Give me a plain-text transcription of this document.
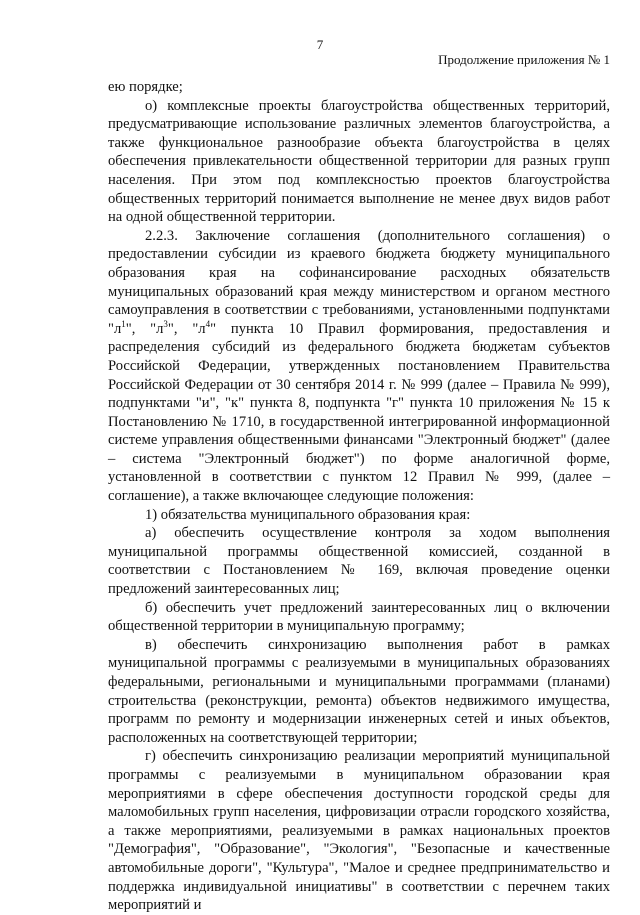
7
Продолжение приложения № 1

ею порядке;

о) комплексные проекты благоустройства общественных территорий, предусматривающие использование различных элементов благоустройства, а также функциональное разнообразие объекта благоустройства в целях обеспечения привлекательности общественной территории для разных групп населения. При этом под комплексностью проектов благоустройства общественных территорий понимается выполнение не менее двух видов работ на одной общественной территории.

2.2.3. Заключение соглашения (дополнительного соглашения) о предоставлении субсидии из краевого бюджета бюджету муниципального образования края на софинансирование расходных обязательств муниципальных образований края между министерством и органом местного самоуправления в соответствии с требованиями, установленными подпунктами "$л^1$", "$л^3$", "$л^4$" пункта 10 Правил формирования, предоставления и распределения субсидий из федерального бюджета бюджетам субъектов Российской Федерации, утвержденных постановлением Правительства Российской Федерации от 30 сентября 2014 г. № 999 (далее – Правила № 999), подпунктами "и", "к" пункта 8, подпункта "г" пункта 10 приложения № 15 к Постановлению № 1710, в государственной интегрированной информационной системе управления общественными финансами "Электронный бюджет" (далее – система "Электронный бюджет") по форме аналогичной форме, установленной в соответствии с пунктом 12 Правил № 999, (далее – соглашение), а также включающее следующие положения:

1) обязательства муниципального образования края:

а) обеспечить осуществление контроля за ходом выполнения муниципальной программы общественной комиссией, созданной в соответствии с Постановлением № 169, включая проведение оценки предложений заинтересованных лиц;

б) обеспечить учет предложений заинтересованных лиц о включении общественной территории в муниципальную программу;

в) обеспечить синхронизацию выполнения работ в рамках муниципальной программы с реализуемыми в муниципальных образованиях федеральными, региональными и муниципальными программами (планами) строительства (реконструкции, ремонта) объектов недвижимого имущества, программ по ремонту и модернизации инженерных сетей и иных объектов, расположенных на соответствующей территории;

г) обеспечить синхронизацию реализации мероприятий муниципальной программы с реализуемыми в муниципальном образовании края мероприятиями в сфере обеспечения доступности городской среды для маломобильных групп населения, цифровизации отрасли городского хозяйства, а также мероприятиями, реализуемыми в рамках национальных проектов "Демография", "Образование", "Экология", "Безопасные и качественные автомобильные дороги", "Культура", "Малое и среднее предпринимательство и поддержка индивидуальной инициативы" в соответствии с перечнем таких мероприятий и
